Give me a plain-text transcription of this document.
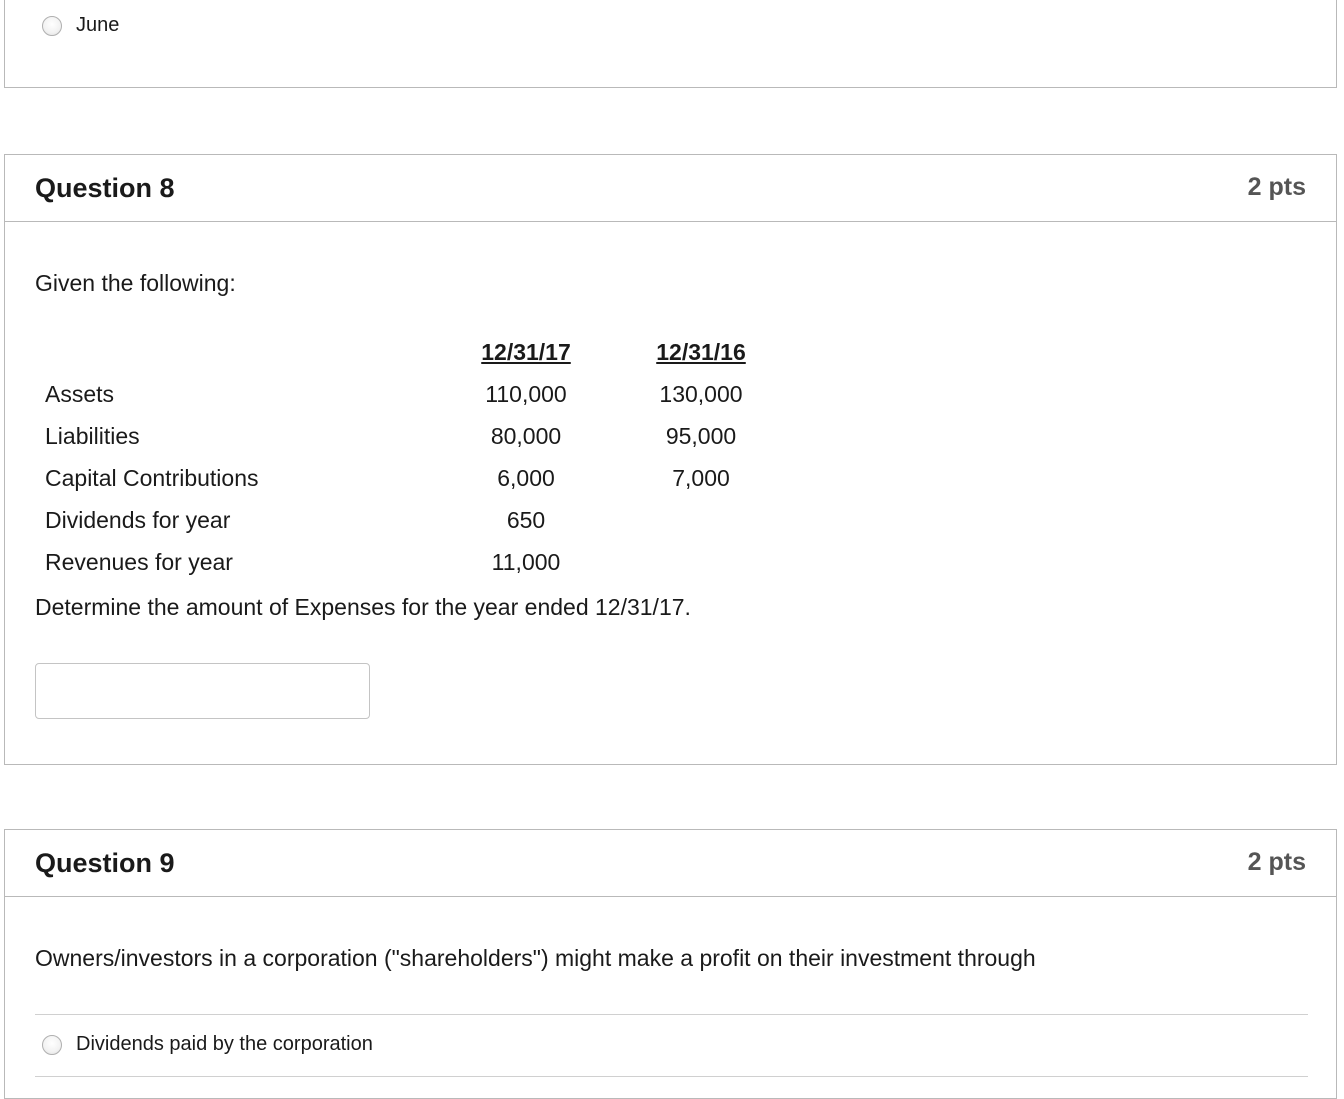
June
Question 8	2 pts
Given the following:
	12/31/17	12/31/16
Assets	110,000	130,000
Liabilities	80,000	95,000
Capital Contributions	6,000	7,000
Dividends for year	650	
Revenues for year	11,000	
Determine the amount of Expenses for the year ended 12/31/17.
Question 9	2 pts
Owners/investors in a corporation ("shareholders") might make a profit on their investment through
Dividends paid by the corporation
